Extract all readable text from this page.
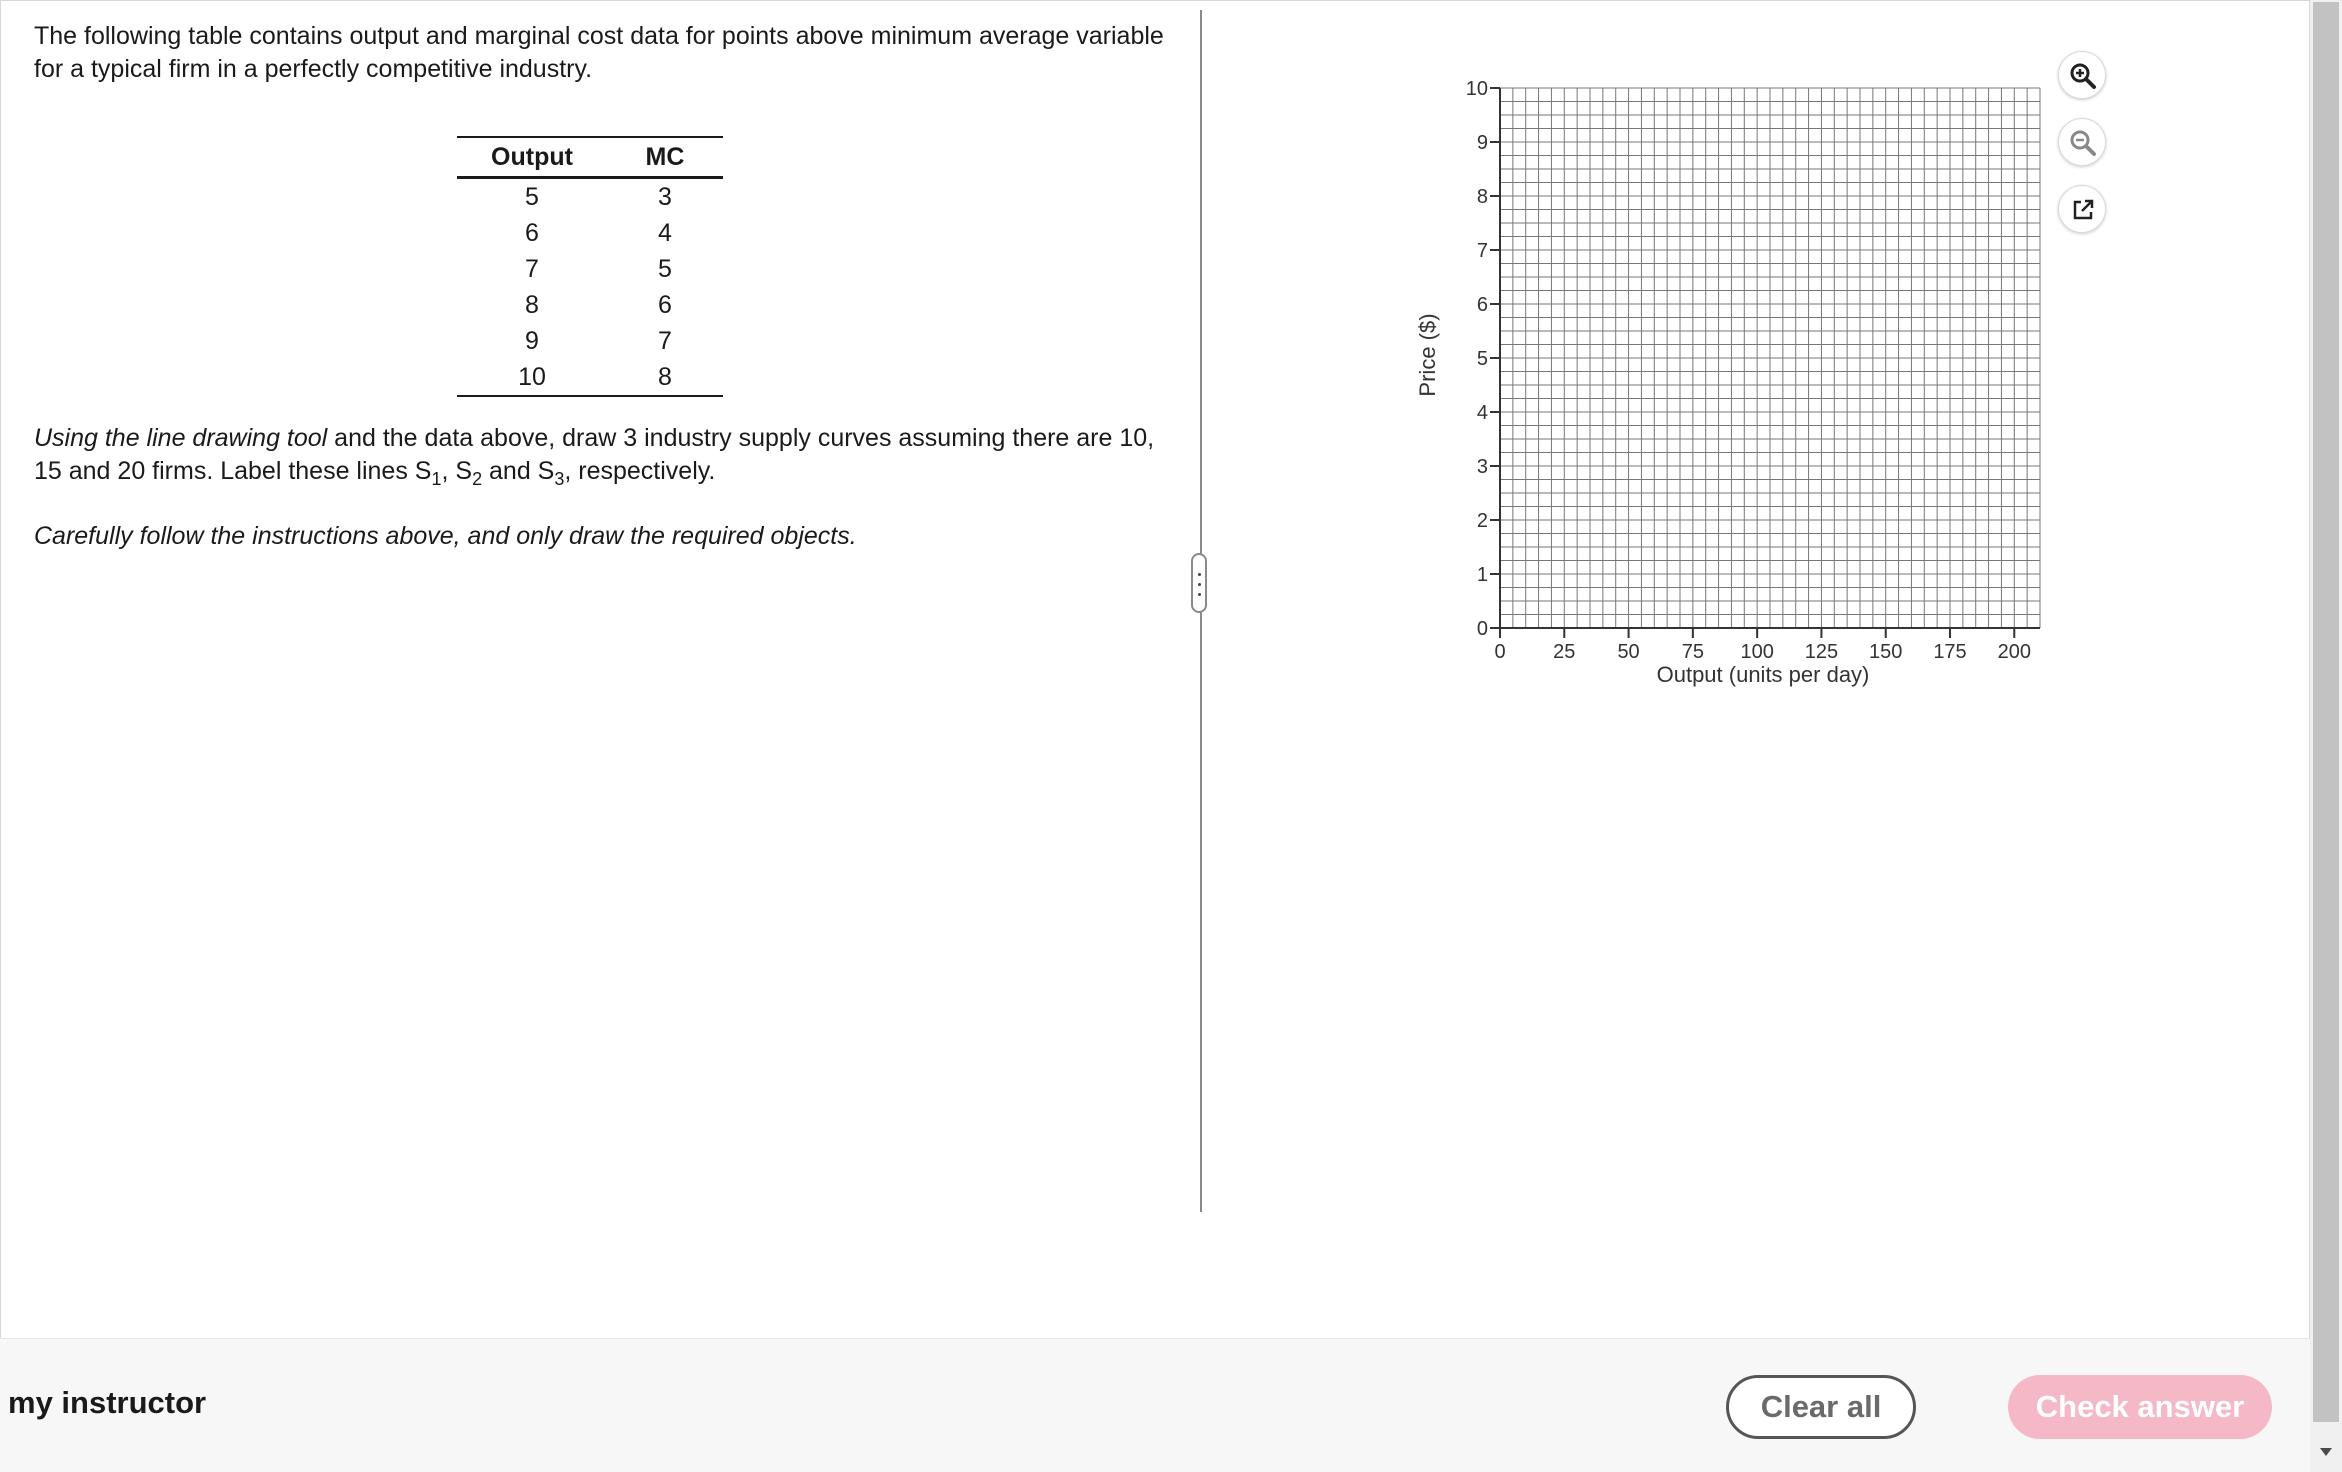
The following table contains output and marginal cost data for points above minimum average variable for a typical firm in a perfectly competitive industry.

Output	MC
5	3
6	4
7	5
8	6
9	7
10	8

Using the line drawing tool and the data above, draw 3 industry supply curves assuming there are 10, 15 and 20 firms. Label these lines $S_1$, $S_2$ and $S_3$, respectively.

Carefully follow the instructions above, and only draw the required objects.

0
1
2
3
4
5
6
7
8
9
10
0 25 50 75 100 125 150 175 200
Price ($)
Output (units per day)
my instructor	Clear all	Check answer
